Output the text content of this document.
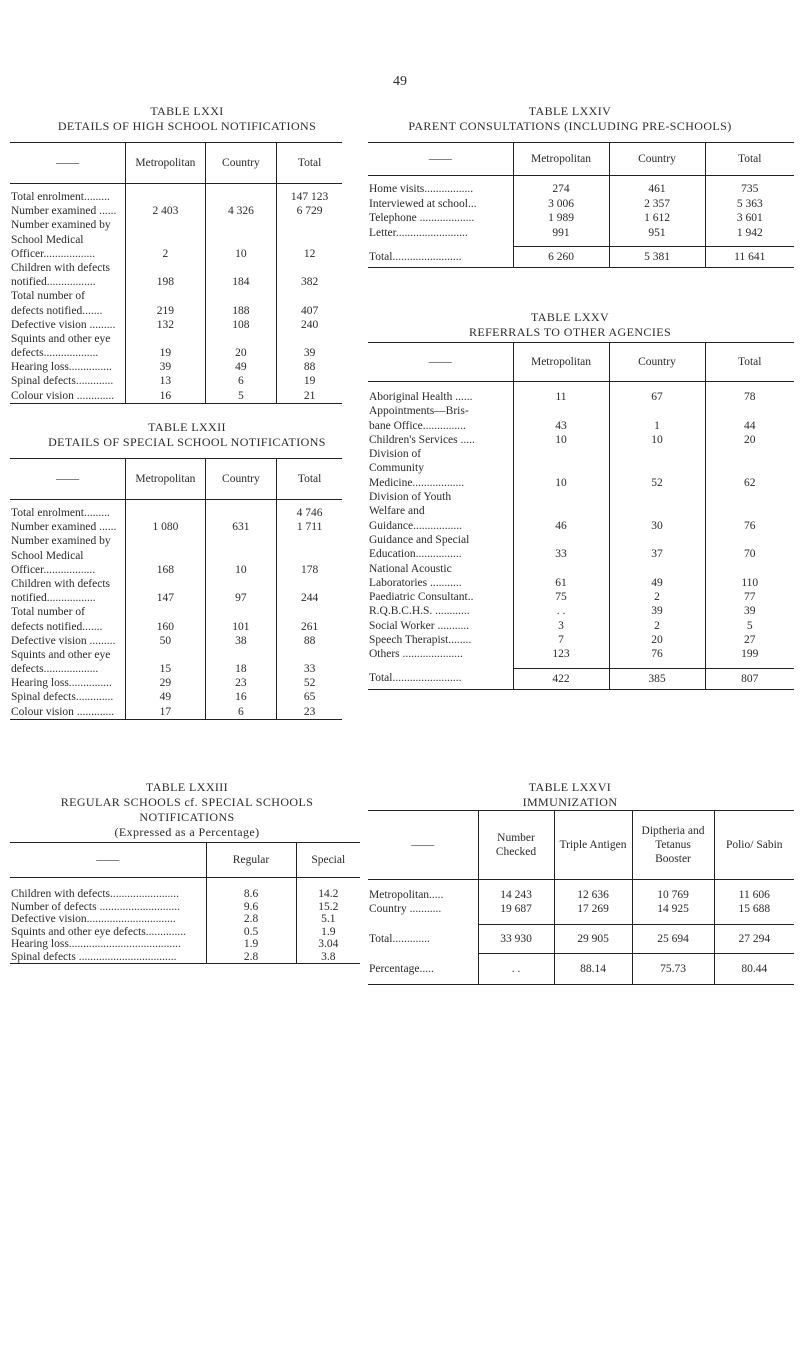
49
TABLE LXXI
DETAILS OF HIGH SCHOOL NOTIFICATIONS
——	Metropolitan	Country	Total

Total enrolment.........			147 123
Number examined ......	2 403	4 326	6 729
Number examined by			
School Medical			
Officer..................	2	10	12
Children with defects			
notified.................	198	184	382
Total number of			
defects notified.......	219	188	407
Defective vision .........	132	108	240
Squints and other eye			
defects...................	19	20	39
Hearing loss...............	39	49	88
Spinal defects.............	13	6	19
Colour vision .............	16	5	21
TABLE LXXII
DETAILS OF SPECIAL SCHOOL NOTIFICATIONS
——	Metropolitan	Country	Total

Total enrolment.........			4 746
Number examined ......	1 080	631	1 711
Number examined by			
School Medical			
Officer..................	168	10	178
Children with defects			
notified.................	147	97	244
Total number of			
defects notified.......	160	101	261
Defective vision .........	50	38	88
Squints and other eye			
defects...................	15	18	33
Hearing loss...............	29	23	52
Spinal defects.............	49	16	65
Colour vision .............	17	6	23
TABLE LXXIII
REGULAR SCHOOLS cf. SPECIAL SCHOOLS
NOTIFICATIONS
(Expressed as a Percentage)
——	Regular	Special

Children with defects........................	8.6	14.2
Number of defects ............................	9.6	15.2
Defective vision...............................	2.8	5.1
Squints and other eye defects..............	0.5	1.9
Hearing loss.......................................	1.9	3.04
Spinal defects ..................................	2.8	3.8
TABLE LXXIV
PARENT CONSULTATIONS (INCLUDING PRE-SCHOOLS)
——	Metropolitan	Country	Total

Home visits.................	274	461	735
Interviewed at school...	3 006	2 357	5 363
Telephone ...................	1 989	1 612	3 601
Letter.........................	991	951	1 942

Total........................	6 260	5 381	11 641
TABLE LXXV
REFERRALS TO OTHER AGENCIES
——	Metropolitan	Country	Total

Aboriginal Health ......	11	67	78
Appointments—Bris-			
bane Office...............	43	1	44
Children's Services .....	10	10	20
Division of			
Community			
Medicine..................	10	52	62
Division of Youth			
Welfare and			
Guidance.................	46	30	76
Guidance and Special			
Education................	33	37	70
National Acoustic			
Laboratories ...........	61	49	110
Paediatric Consultant..	75	2	77
R.Q.B.C.H.S. ............	. .	39	39
Social Worker ...........	3	2	5
Speech Therapist........	7	20	27
Others .....................	123	76	199

Total........................	422	385	807
TABLE LXXVI
IMMUNIZATION
——	Number Checked	Triple Antigen	Diptheria and Tetanus Booster	Polio/ Sabin

Metropolitan.....	14 243	12 636	10 769	11 606
Country ...........	19 687	17 269	14 925	15 688

Total.............	33 930	29 905	25 694	27 294
Percentage.....	. .	88.14	75.73	80.44
